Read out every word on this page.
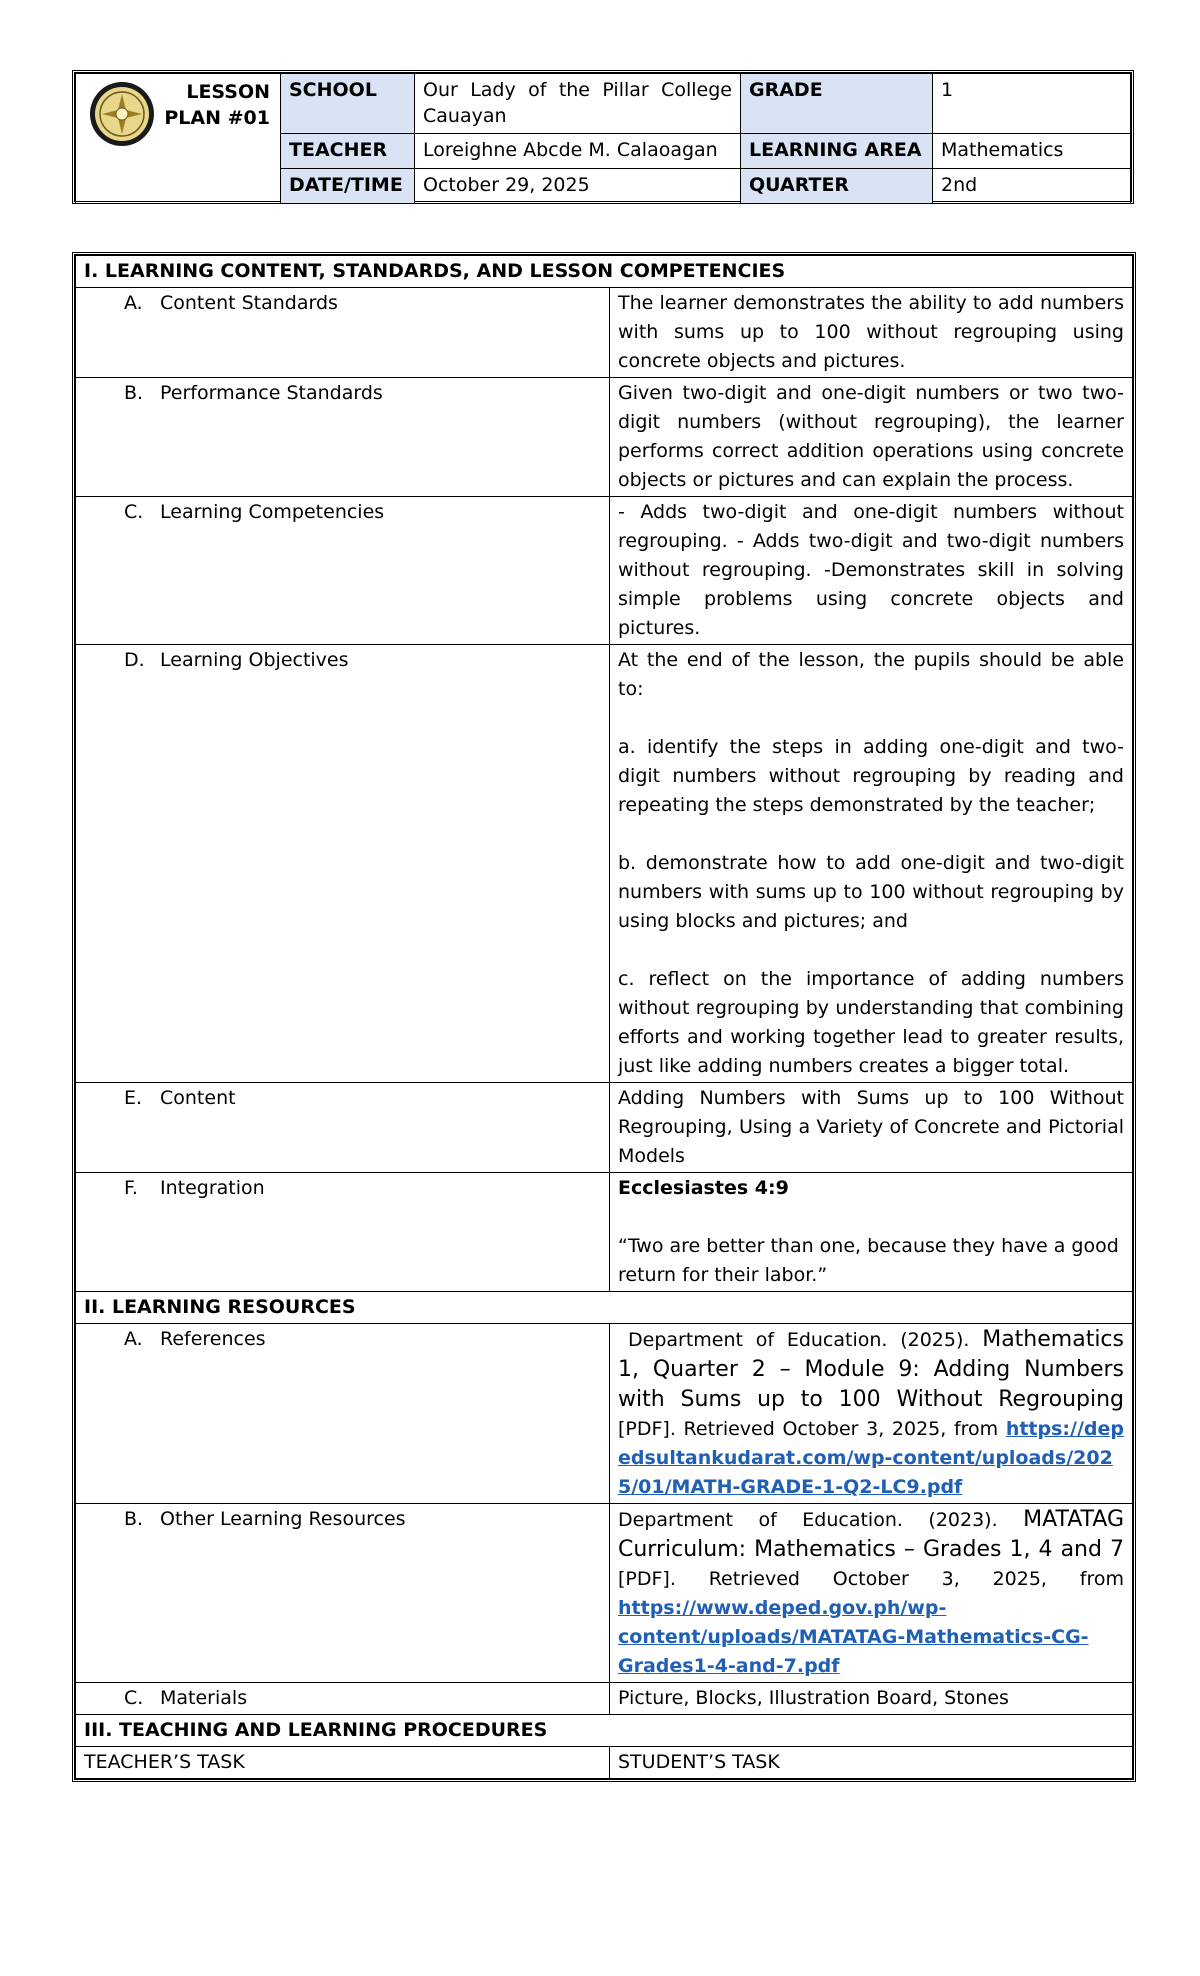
LESSON
PLAN #01	SCHOOL	Our Lady of the Pillar College Cauayan	GRADE	1
	TEACHER	Loreighne Abcde M. Calaoagan	LEARNING AREA	Mathematics
	DATE/TIME	October 29, 2025	QUARTER	2nd
I. LEARNING CONTENT, STANDARDS, AND LESSON COMPETENCIES	
A. Content Standards	The learner demonstrates the ability to add numbers with sums up to 100 without regrouping using concrete objects and pictures.
B. Performance Standards	Given two-digit and one-digit numbers or two two-digit numbers (without regrouping), the learner performs correct addition operations using concrete objects or pictures and can explain the process.
C. Learning Competencies	- Adds two-digit and one-digit numbers without regrouping. - Adds two-digit and two-digit numbers without regrouping. -Demonstrates skill in solving simple problems using concrete objects and pictures.
D. Learning Objectives	At the end of the lesson, the pupils should be able to:

a. identify the steps in adding one-digit and two-digit numbers without regrouping by reading and repeating the steps demonstrated by the teacher;

b. demonstrate how to add one-digit and two-digit numbers with sums up to 100 without regrouping by using blocks and pictures; and

c. reflect on the importance of adding numbers without regrouping by understanding that combining efforts and working together lead to greater results, just like adding numbers creates a bigger total.

E. Content	Adding Numbers with Sums up to 100 Without Regrouping, Using a Variety of Concrete and Pictorial Models
F. Integration	Ecclesiastes 4:9

“Two are better than one, because they have a good return for their labor.”

II. LEARNING RESOURCES	
A. References	Department of Education. (2025). Mathematics 1, Quarter 2 – Module 9: Adding Numbers with Sums up to 100 Without Regrouping [PDF]. Retrieved October 3, 2025, from https://depedsultankudarat.com/wp-content/uploads/2025/01/MATH-GRADE-1-Q2-LC9.pdf
B. Other Learning Resources	Department of Education. (2023). MATATAG Curriculum: Mathematics – Grades 1, 4 and 7 [PDF]. Retrieved October 3, 2025, from https://www.deped.gov.ph/wp-content/uploads/MATATAG-Mathematics-CG-Grades1-4-and-7.pdf
C. Materials	Picture, Blocks, Illustration Board, Stones
III. TEACHING AND LEARNING PROCEDURES	
TEACHER’S TASK	STUDENT’S TASK
